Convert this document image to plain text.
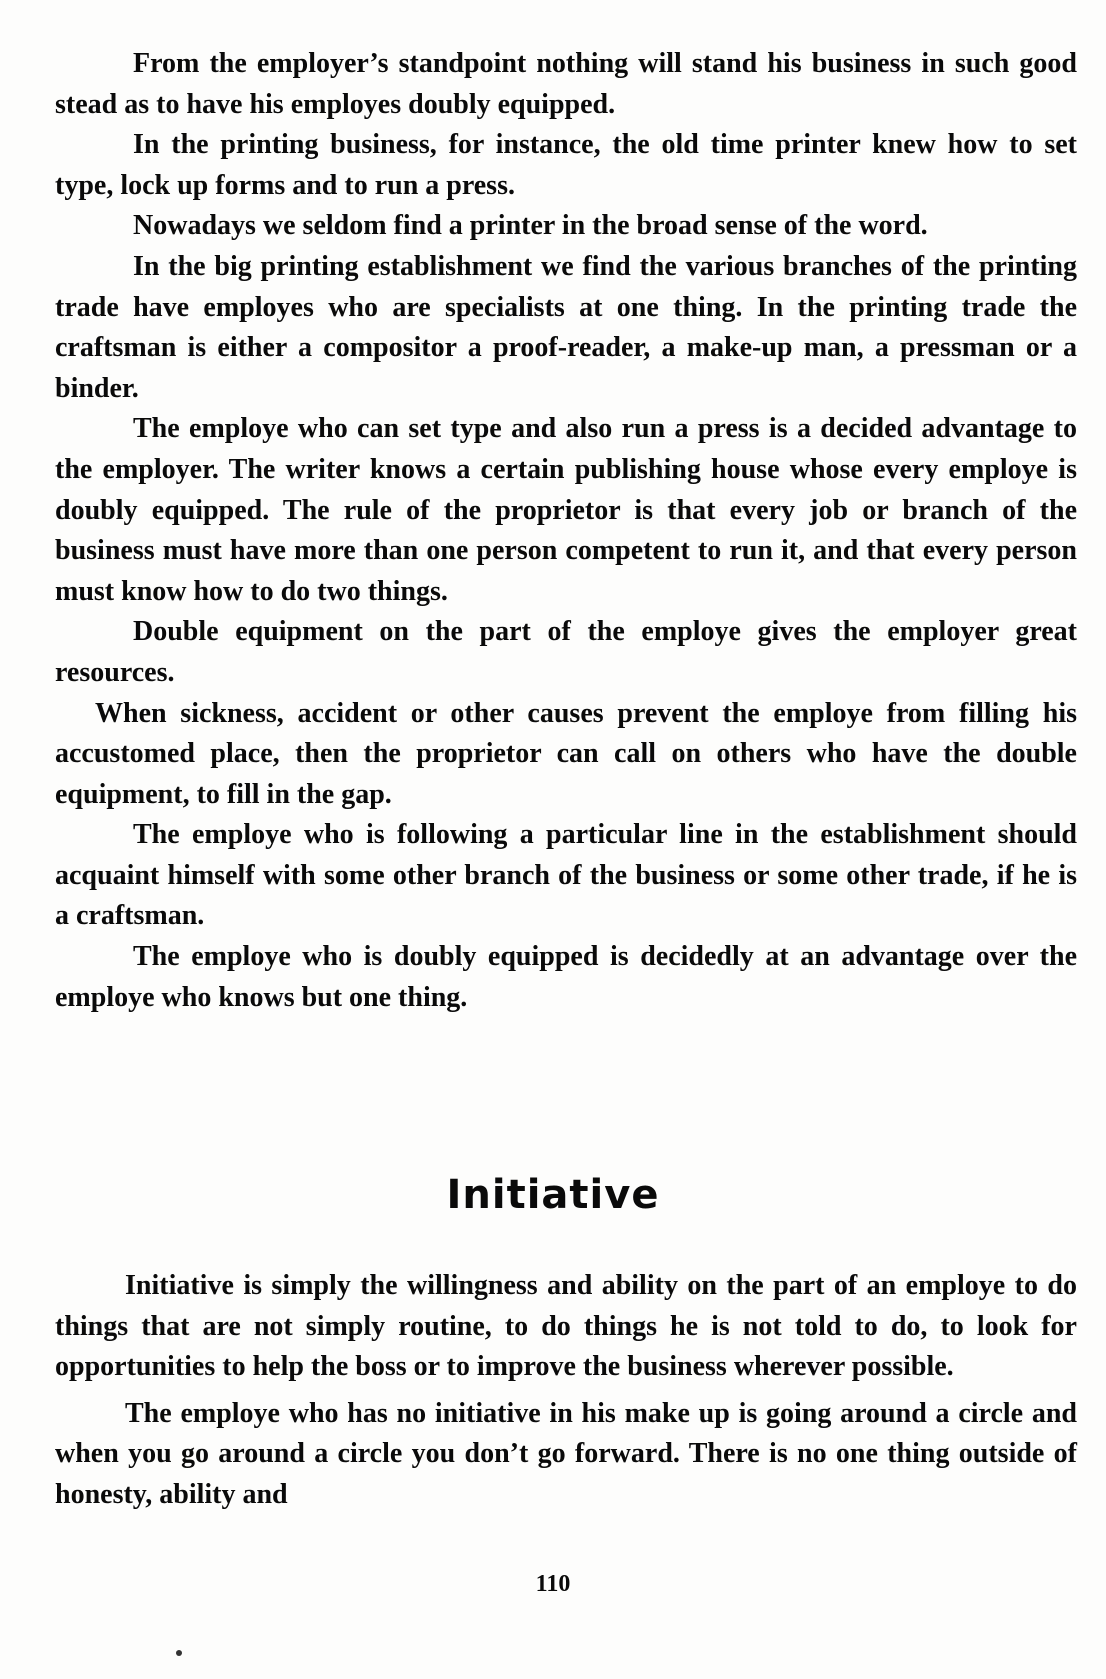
From the employer’s standpoint nothing will stand his business in such good stead as to have his employes doubly equipped.

In the printing business, for instance, the old time printer knew how to set type, lock up forms and to run a press.

Nowadays we seldom find a printer in the broad sense of the word.

In the big printing establishment we find the various branches of the printing trade have employes who are specialists at one thing. In the printing trade the craftsman is either a compositor a proof-reader, a make-up man, a pressman or a binder.

The employe who can set type and also run a press is a decided advantage to the employer. The writer knows a certain publishing house whose every employe is doubly equipped. The rule of the proprietor is that every job or branch of the business must have more than one person competent to run it, and that every person must know how to do two things.

Double equipment on the part of the employe gives the employer great resources.

When sickness, accident or other causes prevent the employe from filling his accustomed place, then the proprietor can call on others who have the double equipment, to fill in the gap.

The employe who is following a particular line in the establishment should acquaint himself with some other branch of the business or some other trade, if he is a craftsman.

The employe who is doubly equipped is decidedly at an advantage over the employe who knows but one thing.

Initiative

Initiative is simply the willingness and ability on the part of an employe to do things that are not simply routine, to do things he is not told to do, to look for opportunities to help the boss or to improve the business wherever possible.

The employe who has no initiative in his make up is going around a circle and when you go around a circle you don’t go forward. There is no one thing outside of honesty, ability and

110
